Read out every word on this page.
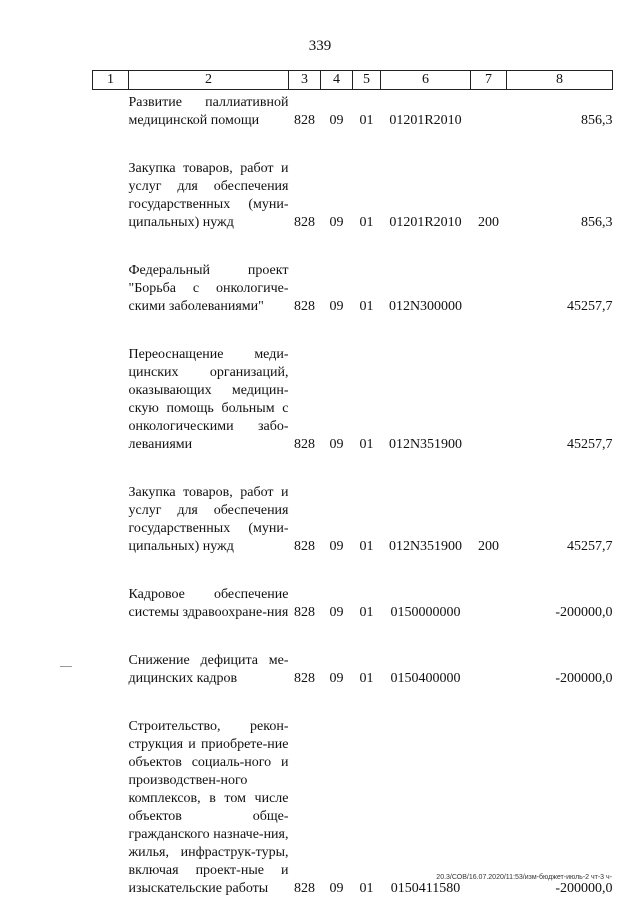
339
1	2	3	4	5	6	7	8
	Развитие паллиативной медицинской помощи	828	09	01	01201R2010		856,3

	Закупка товаров, работ и услуг для обеспечения государственных (муни-ципальных) нужд	828	09	01	01201R2010	200	856,3

	Федеральный проект "Борьба с онкологиче-скими заболеваниями"	828	09	01	012N300000		45257,7

	Переоснащение меди-цинских организаций, оказывающих медицин-скую помощь больным с онкологическими забо-леваниями	828	09	01	012N351900		45257,7

	Закупка товаров, работ и услуг для обеспечения государственных (муни-ципальных) нужд	828	09	01	012N351900	200	45257,7

	Кадровое обеспечение системы здравоохране-ния	828	09	01	0150000000		-200000,0

	Снижение дефицита ме-дицинских кадров	828	09	01	0150400000		-200000,0

	Строительство, рекон-струкция и приобрете-ние объектов социаль-ного и производствен-ного комплексов, в том числе объектов обще-гражданского назначе-ния, жилья, инфраструк-туры, включая проект-ные и изыскательские работы	828	09	01	0150411580		-200000,0
20.3/СОВ/16.07.2020/11:53/изм-бюджет-июль-2 чт-3 ч-
